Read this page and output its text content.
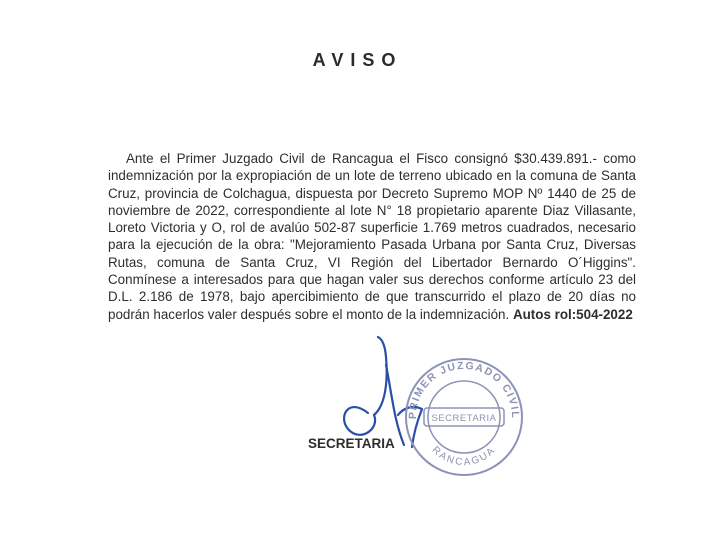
AVISO

Ante el Primer Juzgado Civil de Rancagua el Fisco consignó $30.439.891.- como indemnización por la expropiación de un lote de terreno ubicado en la comuna de Santa Cruz, provincia de Colchagua, dispuesta por Decreto Supremo MOP Nº 1440 de 25 de noviembre de 2022, correspondiente al lote N° 18 propietario aparente Diaz Villasante, Loreto Victoria y O, rol de avalúo 502-87 superficie 1.769 metros cuadrados, necesario para la ejecución de la obra: "Mejoramiento Pasada Urbana por Santa Cruz, Diversas Rutas, comuna de Santa Cruz, VI Región del Libertador Bernardo O´Higgins". Conmínese a interesados para que hagan valer sus derechos conforme artículo 23 del D.L. 2.186 de 1978, bajo apercibimiento de que transcurrido el plazo de 20 días no podrán hacerlos valer después sobre el monto de la indemnización. Autos rol:504-2022

PRIMER JUZGADO CIVIL
SECRETARIA
RANCAGUA
SECRETARIA
